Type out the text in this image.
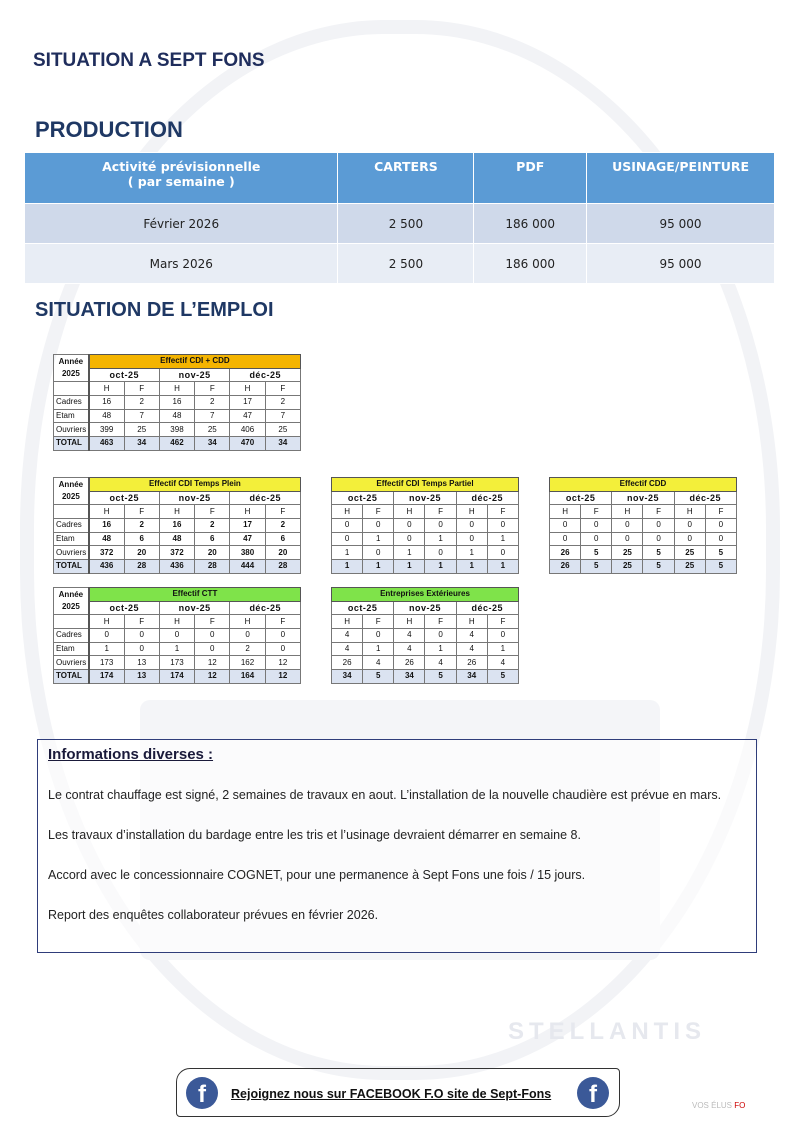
STELLANTIS
SITUATION A SEPT FONS
PRODUCTION
Activité prévisionnelle
( par semaine )	CARTERS	PDF	USINAGE/PEINTURE
Février 2026	2 500	186 000	95 000
Mars 2026	2 500	186 000	95 000
SITUATION DE L’EMPLOI
Année
2025	Effectif CDI + CDD					
	oct-25		nov-25		déc-25	
	H	F	H	F	H	F
Cadres	16	2	16	2	17	2
Etam	48	7	48	7	47	7
Ouvriers	399	25	398	25	406	25
TOTAL	463	34	462	34	470	34
Année
2025	Effectif CDI Temps Plein					
	oct-25		nov-25		déc-25	
	H	F	H	F	H	F
Cadres	16	2	16	2	17	2
Etam	48	6	48	6	47	6
Ouvriers	372	20	372	20	380	20
TOTAL	436	28	436	28	444	28
Effectif CDI Temps Partiel					
oct-25		nov-25		déc-25	
H	F	H	F	H	F
0	0	0	0	0	0
0	1	0	1	0	1
1	0	1	0	1	0
1	1	1	1	1	1
Effectif CDD					
oct-25		nov-25		déc-25	
H	F	H	F	H	F
0	0	0	0	0	0
0	0	0	0	0	0
26	5	25	5	25	5
26	5	25	5	25	5
Année
2025	Effectif CTT					
	oct-25		nov-25		déc-25	
	H	F	H	F	H	F
Cadres	0	0	0	0	0	0
Etam	1	0	1	0	2	0
Ouvriers	173	13	173	12	162	12
TOTAL	174	13	174	12	164	12
Entreprises Extérieures					
oct-25		nov-25		déc-25	
H	F	H	F	H	F
4	0	4	0	4	0
4	1	4	1	4	1
26	4	26	4	26	4
34	5	34	5	34	5
Informations diverses :

Le contrat chauffage est signé, 2 semaines de travaux en aout. L’installation de la nouvelle chaudière est prévue en mars.

Les travaux d’installation du bardage entre les tris et l’usinage devraient démarrer en semaine 8.

Accord avec le concessionnaire COGNET, pour une permanence à Sept Fons une fois / 15 jours.

Report des enquêtes collaborateur prévues en février 2026.

f	Rejoignez nous sur FACEBOOK F.O site de Sept-Fons	f	VOS ÉLUS FO
